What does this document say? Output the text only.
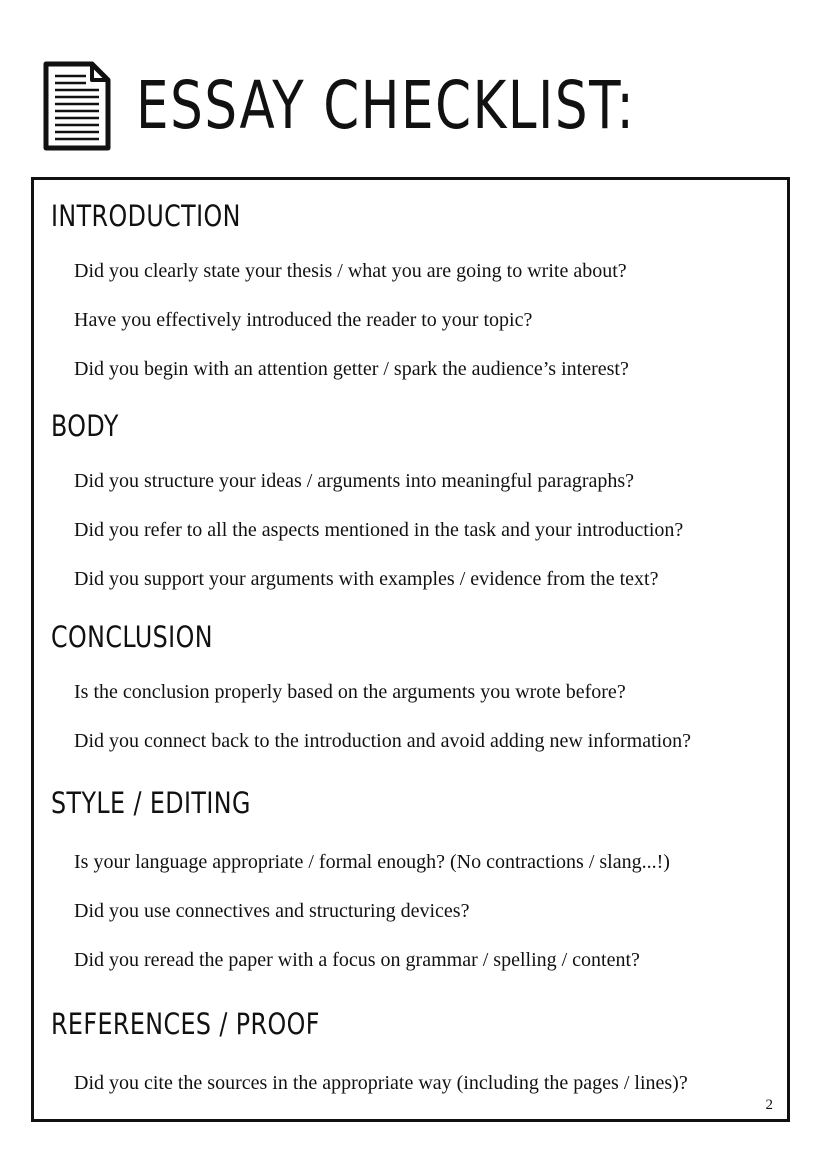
ESSAY CHECKLIST:
INTRODUCTION
Did you clearly state your thesis / what you are going to write about?
Have you effectively introduced the reader to your topic?
Did you begin with an attention getter / spark the audience’s interest?
BODY
Did you structure your ideas / arguments into meaningful paragraphs?
Did you refer to all the aspects mentioned in the task and your introduction?
Did you support your arguments with examples / evidence from the text?
CONCLUSION
Is the conclusion properly based on the arguments you wrote before?
Did you connect back to the introduction and avoid adding new information?
STYLE / EDITING
Is your language appropriate / formal enough? (No contractions / slang...!)
Did you use connectives and structuring devices?
Did you reread the paper with a focus on grammar / spelling / content?
REFERENCES / PROOF
Did you cite the sources in the appropriate way (including the pages / lines)?
2
